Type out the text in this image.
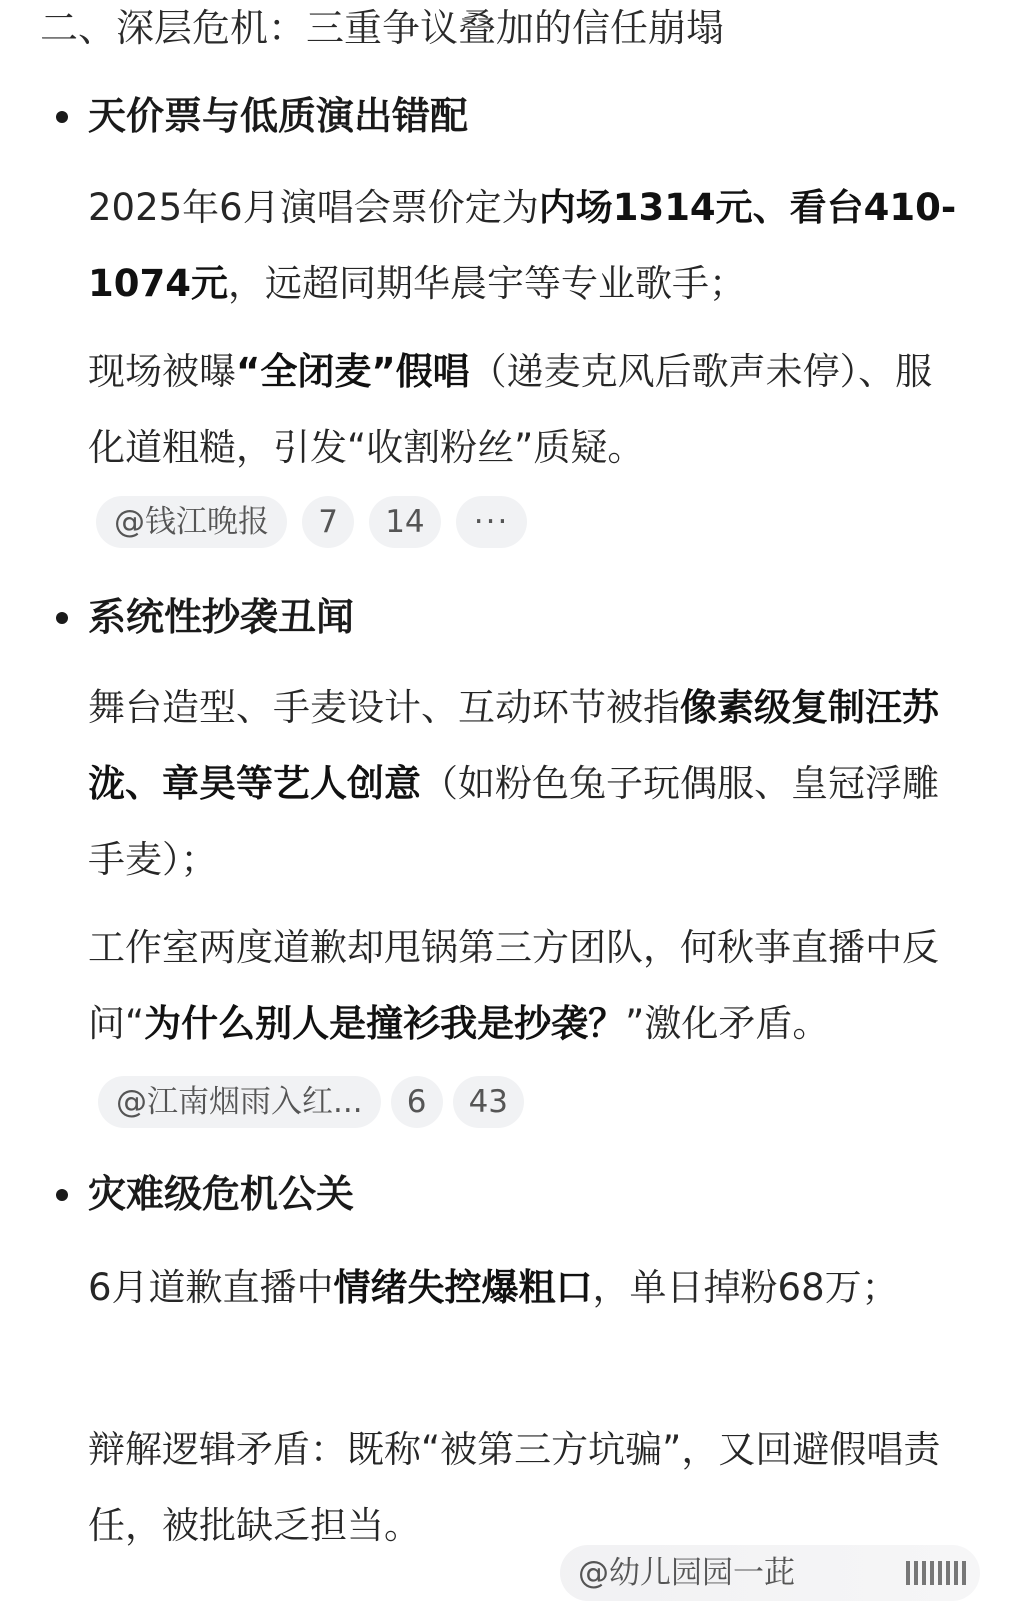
二、深层危机：三重争议叠加的信任崩塌
天价票与低质演出错配
2025年6月演唱会票价定为内场1314元、看台410-1074元，远超同期华晨宇等专业歌手；
现场被曝“全闭麦”假唱（递麦克风后歌声未停）、服化道粗糙，引发“收割粉丝”质疑。
@钱江晚报 7 14 ···
系统性抄袭丑闻
舞台造型、手麦设计、互动环节被指像素级复制汪苏泷、章昊等艺人创意（如粉色兔子玩偶服、皇冠浮雕手麦）；
工作室两度道歉却甩锅第三方团队，何秋亊直播中反问“为什么别人是撞衫我是抄袭？”激化矛盾。@江南烟雨入红... 6 43
灾难级危机公关
6月道歉直播中情绪失控爆粗口，单日掉粉68万；
辩解逻辑矛盾：既称“被第三方坑骗”，又回避假唱责任，被批缺乏担当。
@幼儿园园一茈
